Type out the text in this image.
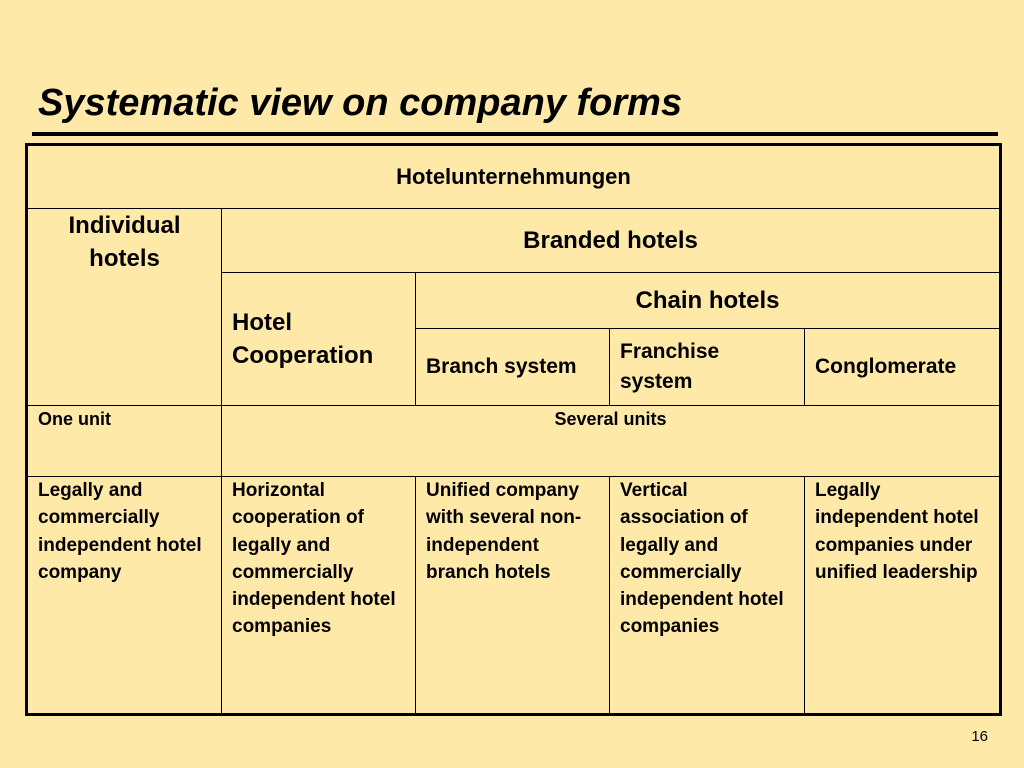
Systematic view on company forms
Hotelunternehmungen				
Individual hotels	Branded hotels			
	Hotel Cooperation	Chain hotels		
		Branch system	Franchise system	Conglomerate
One unit	Several units			
Legally and commercially independent hotel company	Horizontal cooperation of legally and commercially independent hotel companies	Unified company with several non-independent branch hotels	Vertical association of legally and commercially independent hotel companies	Legally independent hotel companies under unified leadership
16
